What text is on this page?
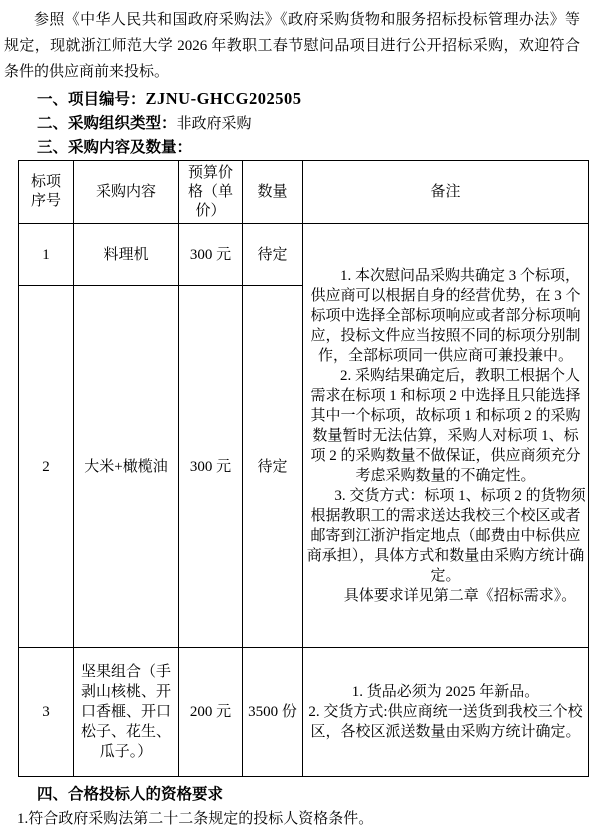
参照《中华人民共和国政府采购法》《政府采购货物和服务招标投标管理办法》等规定，现就浙江师范大学 2026 年教职工春节慰问品项目进行公开招标采购，欢迎符合条件的供应商前来投标。

一、项目编号：ZJNU-GHCG202505
二、采购组织类型：非政府采购
三、采购内容及数量：
标项序号	采购内容	预算价格（单价）	数量	备注
1	料理机	300 元	待定	1. 本次慰问品采购共确定 3 个标项，供应商可以根据自身的经营优势，在 3 个标项中选择全部标项响应或者部分标项响应，投标文件应当按照不同的标项分别制作，全部标项同一供应商可兼投兼中。

2. 采购结果确定后，教职工根据个人需求在标项 1 和标项 2 中选择且只能选择其中一个标项，故标项 1 和标项 2 的采购数量暂时无法估算，采购人对标项 1、标项 2 的采购数量不做保证，供应商须充分考虑采购数量的不确定性。

3. 交货方式：标项 1、标项 2 的货物须根据教职工的需求送达我校三个校区或者邮寄到江浙沪指定地点（邮费由中标供应商承担），具体方式和数量由采购方统计确定。

具体要求详见第二章《招标需求》。

2	大米+橄榄油	300 元	待定	
3	坚果组合（手剥山核桃、开口香榧、开口松子、花生、瓜子。）	200 元	3500 份	1. 货品必须为 2025 年新品。

2. 交货方式:供应商统一送货到我校三个校区，各校区派送数量由采购方统计确定。

四、合格投标人的资格要求
1.符合政府采购法第二十二条规定的投标人资格条件。
